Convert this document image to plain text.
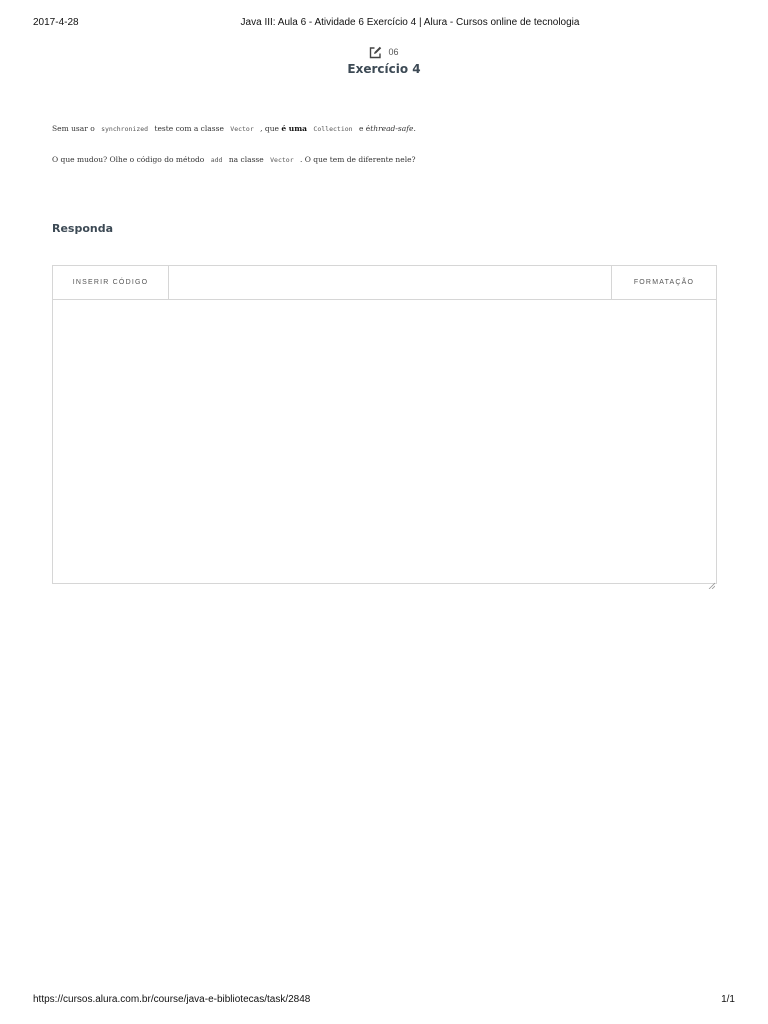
2017-4-28	Java III: Aula 6 - Atividade 6 Exercício 4 | Alura - Cursos online de tecnologia
06
Exercício 4

Sem usar o synchronized teste com a classe Vector , que é uma Collection e éthread-safe.

O que mudou? Olhe o código do método add na classe Vector . O que tem de diferente nele?

Responda
INSERIR CÓDIGO	FORMATAÇÃO
https://cursos.alura.com.br/course/java-e-bibliotecas/task/2848	1/1
